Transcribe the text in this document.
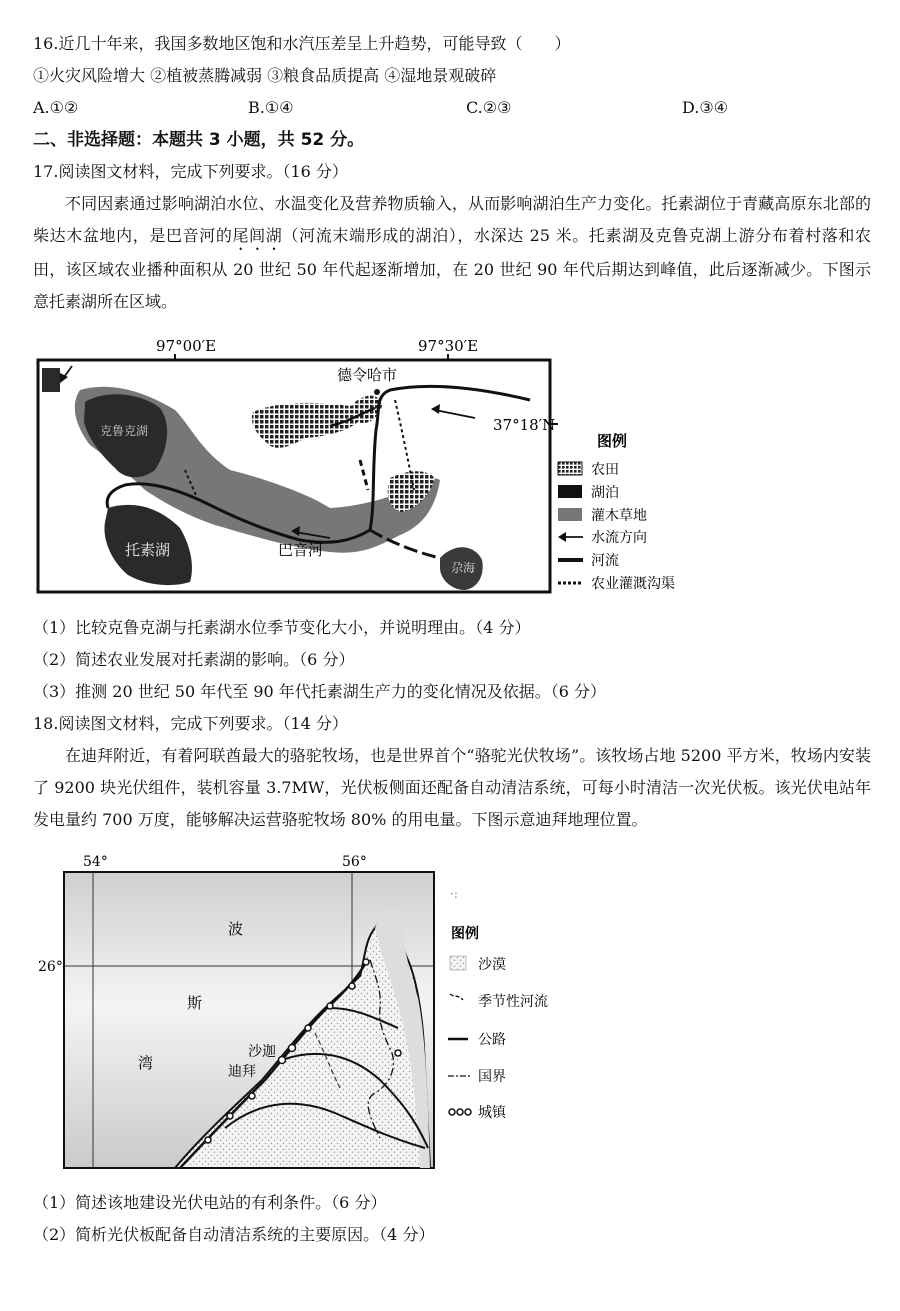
16.近几十年来，我国多数地区饱和水汽压差呈上升趋势，可能导致（　　）
①火灾风险增大 ②植被蒸腾减弱 ③粮食品质提高 ④湿地景观破碎
A.①②	B.①④	C.②③	D.③④
二、非选择题：本题共 3 小题，共 52 分。
17.阅读图文材料，完成下列要求。（16 分）
不同因素通过影响湖泊水位、水温变化及营养物质输入，从而影响湖泊生产力变化。托素湖位于青藏高原东北部的柴达木盆地内，是巴音河的尾闾湖（河流末端形成的湖泊），水深达 25 米。托素湖及克鲁克湖上游分布着村落和农田，该区域农业播种面积从 20 世纪 50 年代起逐渐增加，在 20 世纪 90 年代后期达到峰值，此后逐渐减少。下图示意托素湖所在区域。
97°00′E	97°30′E
37°18′N
德令哈市
克鲁克湖
托素湖
尕海
巴音河
图例
农田
湖泊
灌木草地
水流方向
河流
农业灌溉沟渠
（1）比较克鲁克湖与托素湖水位季节变化大小，并说明理由。（4 分）
（2）简述农业发展对托素湖的影响。（6 分）
（3）推测 20 世纪 50 年代至 90 年代托素湖生产力的变化情况及依据。（6 分）
18.阅读图文材料，完成下列要求。（14 分）
在迪拜附近，有着阿联酋最大的骆驼牧场，也是世界首个“骆驼光伏牧场”。该牧场占地 5200 平方米，牧场内安装了 9200 块光伏组件，装机容量 3.7MW，光伏板侧面还配备自动清洁系统，可每小时清洁一次光伏板。该光伏电站年发电量约 700 万度，能够解决运营骆驼牧场 80% 的用电量。下图示意迪拜地理位置。
54°	56°
26°
波
斯
湾
沙迦
迪拜
·:
图例
沙漠
季节性河流
公路
国界
城镇
（1）简述该地建设光伏电站的有利条件。（6 分）
（2）简析光伏板配备自动清洁系统的主要原因。（4 分）
